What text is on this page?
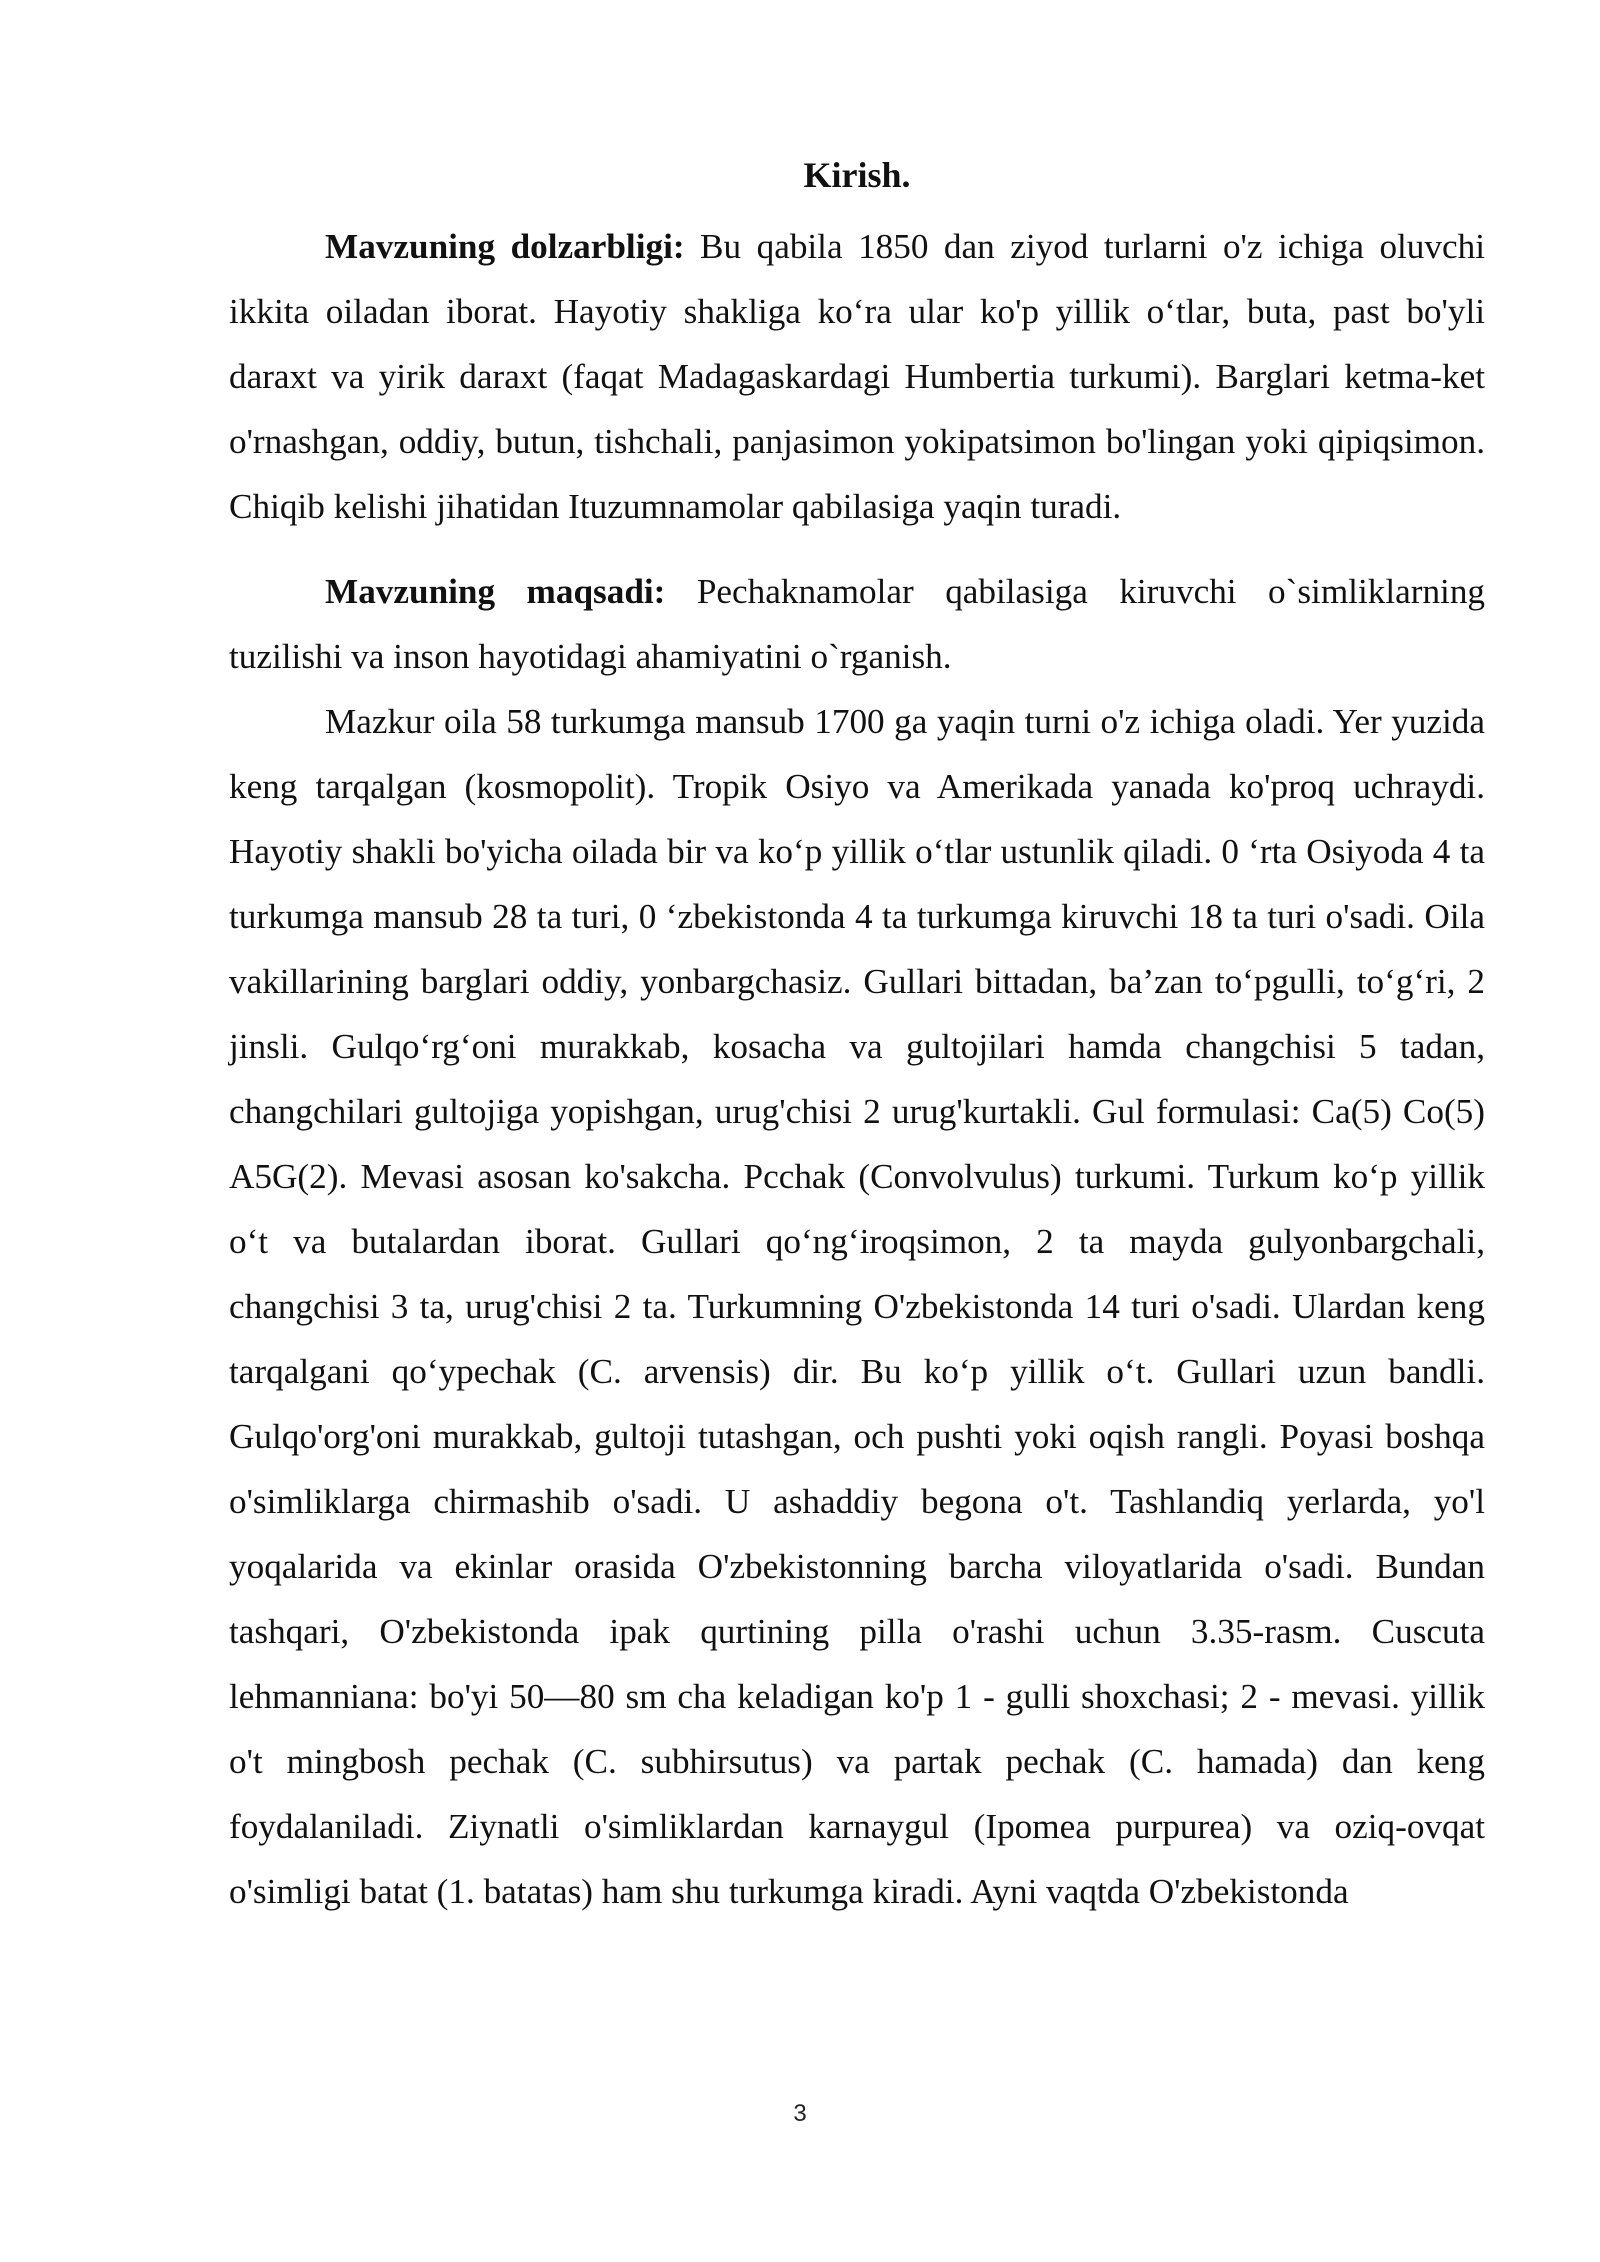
Kirish.

Mavzuning dolzarbligi: Bu qabila 1850 dan ziyod turlarni o'z ichiga oluvchi ikkita oiladan iborat. Hayotiy shakliga ko‘ra ular ko'p yillik o‘tlar, buta, past bo'yli daraxt va yirik daraxt (faqat Madagaskardagi Humbertia turkumi). Barglari ketma-ket o'rnashgan, oddiy, butun, tishchali, panjasimon yokipatsimon bo'lingan yoki qipiqsimon. Chiqib kelishi jihatidan Ituzumnamolar qabilasiga yaqin turadi.

Mavzuning maqsadi: Pechaknamolar qabilasiga kiruvchi o`simliklarning tuzilishi va inson hayotidagi ahamiyatini o`rganish.

Mazkur oila 58 turkumga mansub 1700 ga yaqin turni o'z ichiga oladi. Yer yuzida keng tarqalgan (kosmopolit). Tropik Osiyo va Amerikada yanada ko'proq uchraydi. Hayotiy shakli bo'yicha oilada bir va ko‘p yillik o‘tlar ustunlik qiladi. 0 ‘rta Osiyoda 4 ta turkumga mansub 28 ta turi, 0 ‘zbekistonda 4 ta turkumga kiruvchi 18 ta turi o'sadi. Oila vakillarining barglari oddiy, yonbargchasiz. Gullari bittadan, ba’zan to‘pgulli, to‘g‘ri, 2 jinsli. Gulqo‘rg‘oni murakkab, kosacha va gultojilari hamda changchisi 5 tadan, changchilari gultojiga yopishgan, urug'chisi 2 urug'kurtakli. Gul formulasi: Ca(5) Co(5) A5G(2). Mevasi asosan ko'sakcha. Pcchak (Convolvulus) turkumi. Turkum ko‘p yillik o‘t va butalardan iborat. Gullari qo‘ng‘iroqsimon, 2 ta mayda gulyonbargchali, changchisi 3 ta, urug'chisi 2 ta. Turkumning O'zbekistonda 14 turi o'sadi. Ulardan keng tarqalgani qo‘ypechak (C. arvensis) dir. Bu ko‘p yillik o‘t. Gullari uzun bandli. Gulqo'org'oni murakkab, gultoji tutashgan, och pushti yoki oqish rangli. Poyasi boshqa o'simliklarga chirmashib o'sadi. U ashaddiy begona o't. Tashlandiq yerlarda, yo'l yoqalarida va ekinlar orasida O'zbekistonning barcha viloyatlarida o'sadi. Bundan tashqari, O'zbekistonda ipak qurtining pilla o'rashi uchun 3.35-rasm. Cuscuta lehmanniana: bo'yi 50—80 sm cha keladigan ko'p 1 - gulli shoxchasi; 2 - mevasi. yillik o't mingbosh pechak (C. subhirsutus) va partak pechak (C. hamada) dan keng foydalaniladi. Ziynatli o'simliklardan karnaygul (Ipomea purpurea) va oziq-ovqat o'simligi batat (1. batatas) ham shu turkumga kiradi. Ayni vaqtda O'zbekistonda

3
